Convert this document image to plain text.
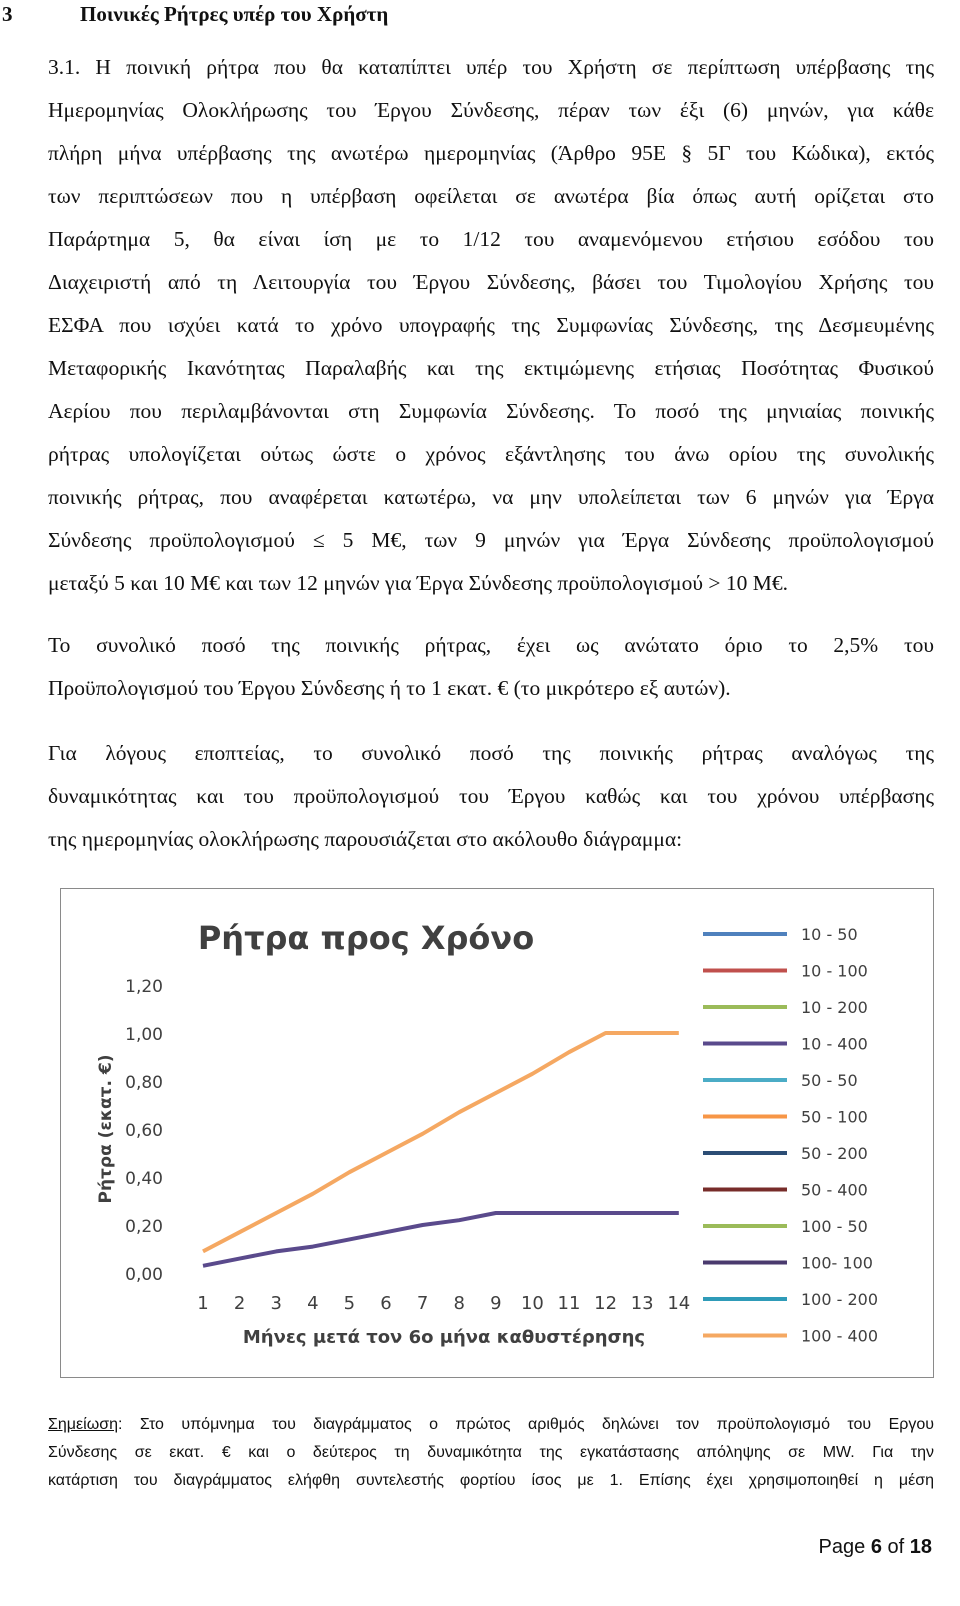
3	Ποινικές Ρήτρες υπέρ του Χρήστη
3.1. Η ποινική ρήτρα που θα καταπίπτει υπέρ του Χρήστη σε περίπτωση υπέρβασης της
Ημερομηνίας Ολοκλήρωσης του Έργου Σύνδεσης, πέραν των έξι (6) μηνών, για κάθε
πλήρη μήνα υπέρβασης της ανωτέρω ημερομηνίας (Άρθρο 95Ε § 5Γ του Κώδικα), εκτός
των περιπτώσεων που η υπέρβαση οφείλεται σε ανωτέρα βία όπως αυτή ορίζεται στο
Παράρτημα 5, θα είναι ίση με το 1/12 του αναμενόμενου ετήσιου εσόδου του
Διαχειριστή από τη Λειτουργία του Έργου Σύνδεσης, βάσει του Τιμολογίου Χρήσης του
ΕΣΦΑ που ισχύει κατά το χρόνο υπογραφής της Συμφωνίας Σύνδεσης, της Δεσμευμένης
Μεταφορικής Ικανότητας Παραλαβής και της εκτιμώμενης ετήσιας Ποσότητας Φυσικού
Αερίου που περιλαμβάνονται στη Συμφωνία Σύνδεσης. Το ποσό της μηνιαίας ποινικής
ρήτρας υπολογίζεται ούτως ώστε ο χρόνος εξάντλησης του άνω ορίου της συνολικής
ποινικής ρήτρας, που αναφέρεται κατωτέρω, να μην υπολείπεται των 6 μηνών για Έργα
Σύνδεσης προϋπολογισμού ≤ 5 Μ€, των 9 μηνών για Έργα Σύνδεσης προϋπολογισμού
μεταξύ 5 και 10 Μ€ και των 12 μηνών για Έργα Σύνδεσης προϋπολογισμού > 10 Μ€.
Το συνολικό ποσό της ποινικής ρήτρας, έχει ως ανώτατο όριο το 2,5% του
Προϋπολογισμού του Έργου Σύνδεσης ή το 1 εκατ. € (το μικρότερο εξ αυτών).
Για λόγους εποπτείας, το συνολικό ποσό της ποινικής ρήτρας αναλόγως της
δυναμικότητας και του προϋπολογισμού του Έργου καθώς και του χρόνου υπέρβασης
της ημερομηνίας ολοκλήρωσης παρουσιάζεται στο ακόλουθο διάγραμμα:
Ρήτρα προς Χρόνο
0,00
0,20
0,40
0,60
0,80
1,00
1,20
1 2 3 4 5 6 7 8 9 10 11 12 13 14
Ρήτρα (εκατ. €)
Μήνες μετά τον 6ο μήνα καθυστέρησης
10 - 50
10 - 100
10 - 200
10 - 400
50 - 50
50 - 100
50 - 200
50 - 400
100 - 50
100- 100
100 - 200
100 - 400
Σημείωση: Στο υπόμνημα του διαγράμματος ο πρώτος αριθμός δηλώνει τον προϋπολογισμό του Εργου
Σύνδεσης σε εκατ. € και ο δεύτερος τη δυναμικότητα της εγκατάστασης απόληψης σε MW. Για την
κατάρτιση του διαγράμματος ελήφθη συντελεστής φορτίου ίσος με 1. Επίσης έχει χρησιμοποιηθεί η μέση
Page 6 of 18
